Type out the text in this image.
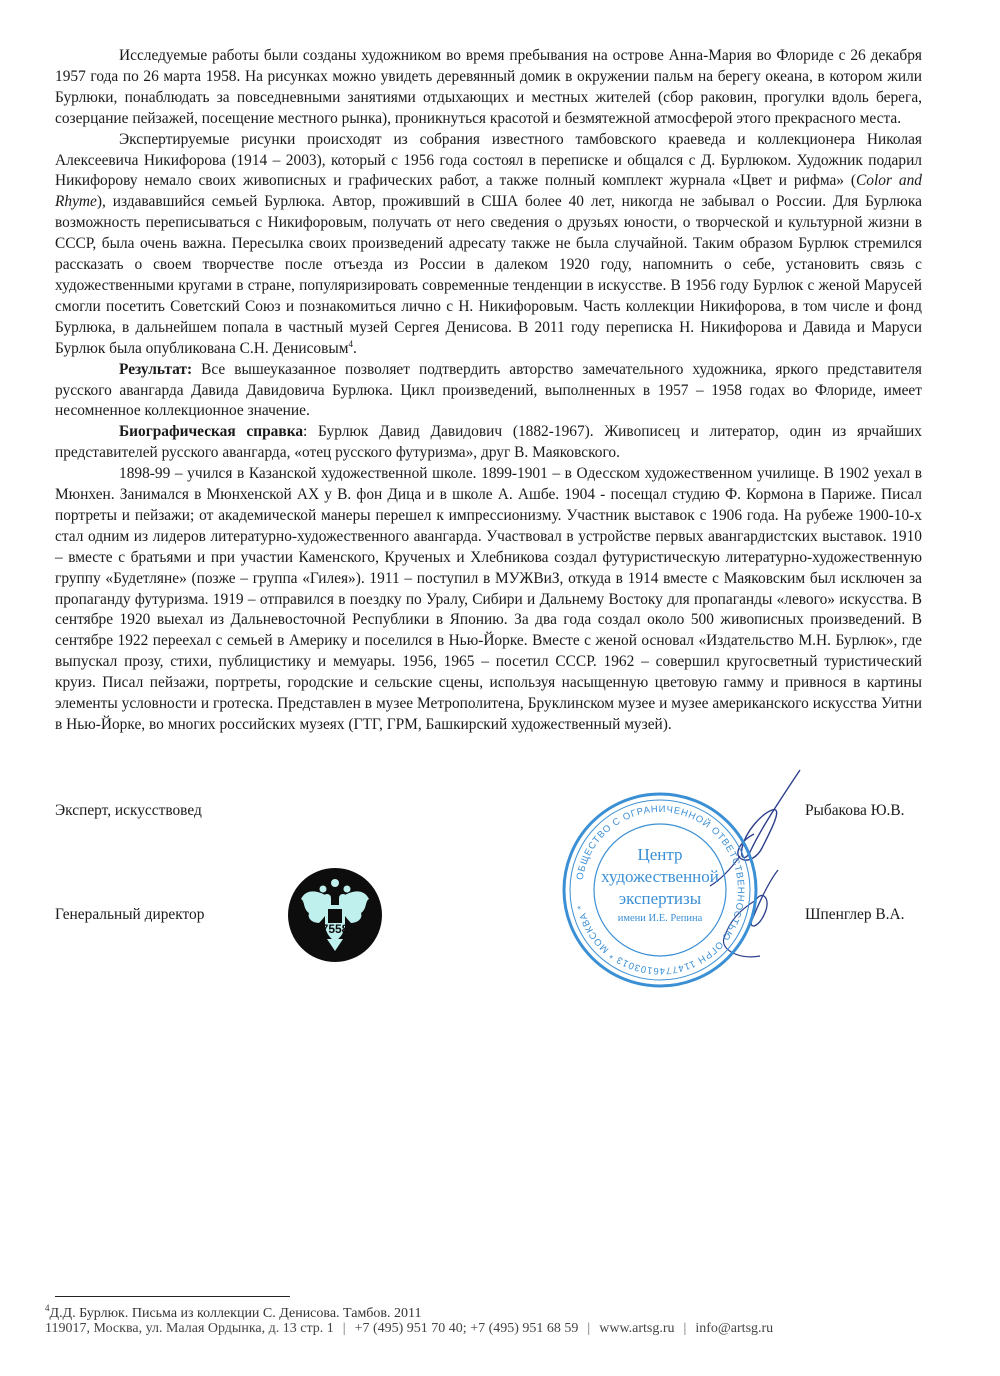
Исследуемые работы были созданы художником во время пребывания на острове Анна-Мария во Флориде с 26 декабря 1957 года по 26 марта 1958. На рисунках можно увидеть деревянный домик в окружении пальм на берегу океана, в котором жили Бурлюки, понаблюдать за повседневными занятиями отдыхающих и местных жителей (сбор раковин, прогулки вдоль берега, созерцание пейзажей, посещение местного рынка), проникнуться красотой и безмятежной атмосферой этого прекрасного места.

Экспертируемые рисунки происходят из собрания известного тамбовского краеведа и коллекционера Николая Алексеевича Никифорова (1914 – 2003), который с 1956 года состоял в переписке и общался с Д. Бурлюком. Художник подарил Никифорову немало своих живописных и графических работ, а также полный комплект журнала «Цвет и рифма» (Color and Rhyme), издававшийся семьей Бурлюка. Автор, проживший в США более 40 лет, никогда не забывал о России. Для Бурлюка возможность переписываться с Никифоровым, получать от него сведения о друзьях юности, о творческой и культурной жизни в СССР, была очень важна. Пересылка своих произведений адресату также не была случайной. Таким образом Бурлюк стремился рассказать о своем творчестве после отъезда из России в далеком 1920 году, напомнить о себе, установить связь с художественными кругами в стране, популяризировать современные тенденции в искусстве. В 1956 году Бурлюк с женой Марусей смогли посетить Советский Союз и познакомиться лично с Н. Никифоровым. Часть коллекции Никифорова, в том числе и фонд Бурлюка, в дальнейшем попала в частный музей Сергея Денисова. В 2011 году переписка Н. Никифорова и Давида и Маруси Бурлюк была опубликована С.Н. Денисовым$^4$.

Результат: Все вышеуказанное позволяет подтвердить авторство замечательного художника, яркого представителя русского авангарда Давида Давидовича Бурлюка. Цикл произведений, выполненных в 1957 – 1958 годах во Флориде, имеет несомненное коллекционное значение.

Биографическая справка: Бурлюк Давид Давидович (1882-1967). Живописец и литератор, один из ярчайших представителей русского авангарда, «отец русского футуризма», друг В. Маяковского.

1898-99 – учился в Казанской художественной школе. 1899-1901 – в Одесском художественном училище. В 1902 уехал в Мюнхен. Занимался в Мюнхенской АХ у В. фон Дица и в школе А. Ашбе. 1904 - посещал студию Ф. Кормона в Париже. Писал портреты и пейзажи; от академической манеры перешел к импрессионизму. Участник выставок с 1906 года. На рубеже 1900-10-х стал одним из лидеров литературно-художественного авангарда. Участвовал в устройстве первых авангардистских выставок. 1910 – вместе с братьями и при участии Каменского, Крученых и Хлебникова создал футуристическую литературно-художественную группу «Будетляне» (позже – группа «Гилея»). 1911 – поступил в МУЖВиЗ, откуда в 1914 вместе с Маяковским был исключен за пропаганду футуризма. 1919 – отправился в поездку по Уралу, Сибири и Дальнему Востоку для пропаганды «левого» искусства. В сентябре 1920 выехал из Дальневосточной Республики в Японию. За два года создал около 500 живописных произведений. В сентябре 1922 переехал с семьей в Америку и поселился в Нью-Йорке. Вместе с женой основал «Издательство М.Н. Бурлюк», где выпускал прозу, стихи, публицистику и мемуары. 1956, 1965 – посетил СССР. 1962 – совершил кругосветный туристический круиз. Писал пейзажи, портреты, городские и сельские сцены, используя насыщенную цветовую гамму и привнося в картины элементы условности и гротеска. Представлен в музее Метрополитена, Бруклинском музее и музее американского искусства Уитни в Нью-Йорке, во многих российских музеях (ГТГ, ГРМ, Башкирский художественный музей).

Эксперт, искусствовед	Рыбакова Ю.В.
Генеральный директор	Шпенглер В.А.
7558
ОБЩЕСТВО С ОГРАНИЧЕННОЙ ОТВЕТСТВЕННОСТЬЮ ОГРН 1147746103013 * МОСКВА *
Центр
художественной
экспертизы
имени И.Е. Репина
$^4$Д.Д. Бурлюк. Письма из коллекции С. Денисова. Тамбов. 2011
119017, Москва, ул. Малая Ордынка, д. 13 стр. 1 | +7 (495) 951 70 40; +7 (495) 951 68 59 | www.artsg.ru | info@artsg.ru
